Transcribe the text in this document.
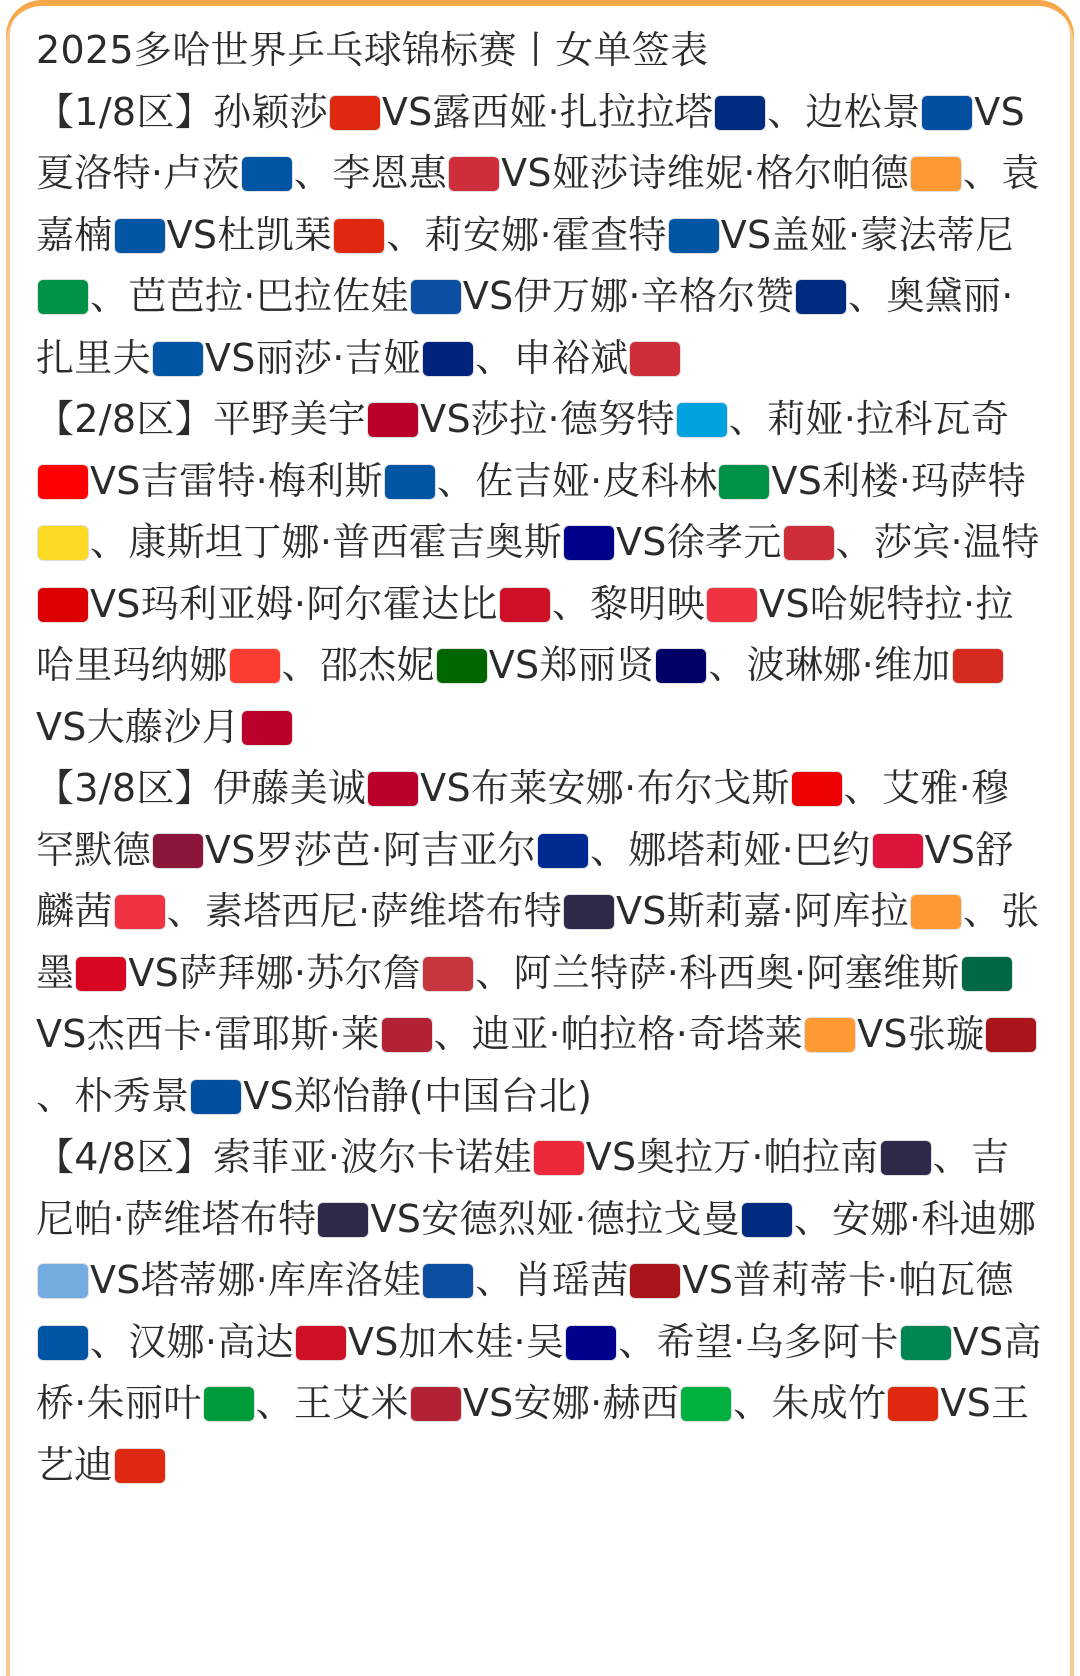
2025多哈世界乒乓球锦标赛丨女单签表
【1/8区】孙颖莎 VS露西娅·扎拉拉塔 、边松景 VS夏洛特·卢茨 、李恩惠 VS娅莎诗维妮·格尔帕德 、袁嘉楠 VS杜凯琹 、莉安娜·霍查特 VS盖娅·蒙法蒂尼、芭芭拉·巴拉佐娃 VS伊万娜·辛格尔赞 、奥黛丽·扎里夫 VS丽莎·吉娅 、申裕斌
【2/8区】平野美宇 VS莎拉·德努特 、莉娅·拉科瓦奇VS吉雷特·梅利斯 、佐吉娅·皮科林 VS利楼·玛萨特、康斯坦丁娜·普西霍吉奥斯 VS徐孝元 、莎宾·温特VS玛利亚姆·阿尔霍达比 、黎明映 VS哈妮特拉·拉哈里玛纳娜 、邵杰妮 VS郑丽贤 、波琳娜·维加VS大藤沙月
【3/8区】伊藤美诚 VS布莱安娜·布尔戈斯 、艾雅·穆罕默德 VS罗莎芭·阿吉亚尔 、娜塔莉娅·巴约 VS舒麟茜 、素塔西尼·萨维塔布特 VS斯莉嘉·阿库拉 、张墨 VS萨拜娜·苏尔詹 、阿兰特萨·科西奥·阿塞维斯VS杰西卡·雷耶斯·莱 、迪亚·帕拉格·奇塔莱 VS张璇、朴秀景 VS郑怡静(中国台北)
【4/8区】索菲亚·波尔卡诺娃 VS奥拉万·帕拉南 、吉尼帕·萨维塔布特 VS安德烈娅·德拉戈曼 、安娜·科迪娜VS塔蒂娜·库库洛娃 、肖瑶茜 VS普莉蒂卡·帕瓦德、汉娜·高达 VS加木娃·吴 、希望·乌多阿卡 VS高桥·朱丽叶 、王艾米 VS安娜·赫西 、朱成竹 VS王艺迪
